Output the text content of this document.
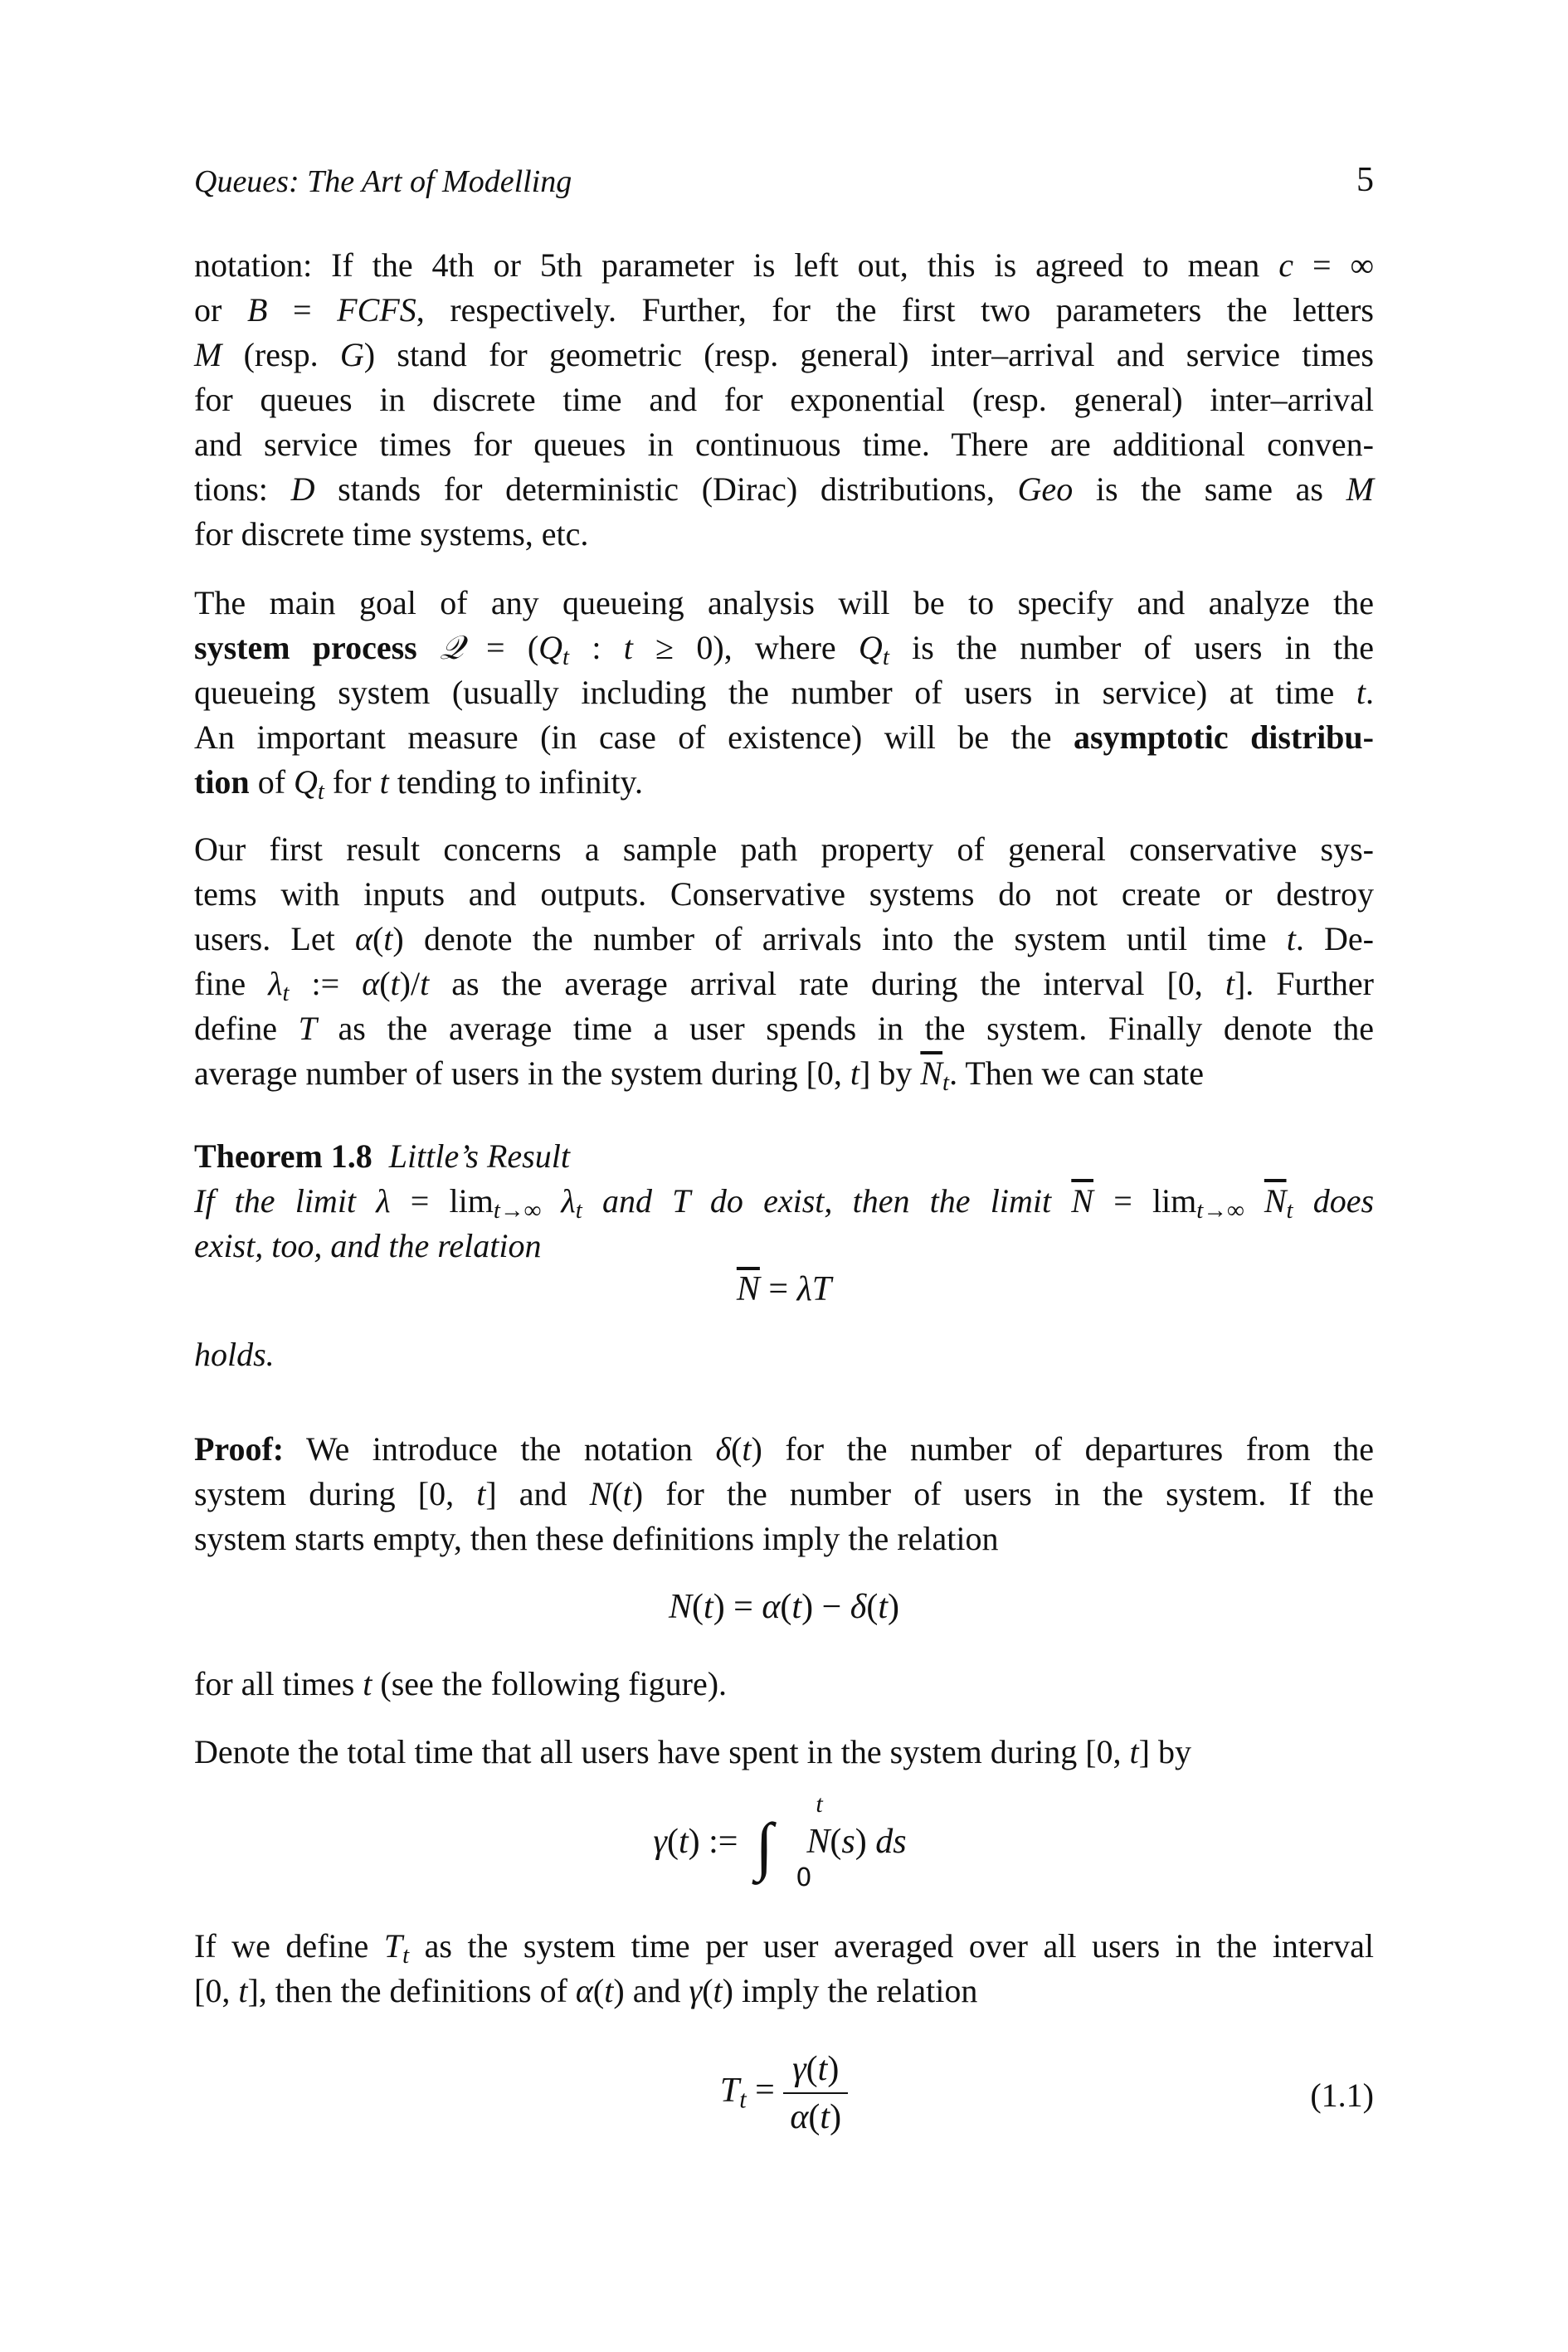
Queues: The Art of Modelling	5

notation: If the 4th or 5th parameter is left out, this is agreed to mean c = ∞
or B = FCFS, respectively. Further, for the first two parameters the letters
M (resp. G) stand for geometric (resp. general) inter–arrival and service times
for queues in discrete time and for exponential (resp. general) inter–arrival
and service times for queues in continuous time. There are additional conven-
tions: D stands for deterministic (Dirac) distributions, Geo is the same as M
for discrete time systems, etc.

The main goal of any queueing analysis will be to specify and analyze the
system process 𝒬 = ($Q_t$ : t ≥ 0), where $Q_t$ is the number of users in the
queueing system (usually including the number of users in service) at time t.
An important measure (in case of existence) will be the asymptotic distribu-
tion of $Q_t$ for t tending to infinity.

Our first result concerns a sample path property of general conservative sys-
tems with inputs and outputs. Conservative systems do not create or destroy
users. Let α(t) denote the number of arrivals into the system until time t. De-
fine $\lambda_t$ := α(t)/t as the average arrival rate during the interval [0, t]. Further
define T as the average time a user spends in the system. Finally denote the
average number of users in the system during [0, t] by $\overline{N}_t$. Then we can state

Theorem 1.8 Little’s Result
If the limit $\lambda = \lim_{t\to\infty} \lambda_t$ and T do exist, then the limit $\overline{N} = \lim_{t\to\infty} \overline{N}_t$ does
exist, too, and the relation

$\overline{N} = \lambda T$

holds.

Proof: We introduce the notation δ(t) for the number of departures from the
system during [0, t] and N(t) for the number of users in the system. If the
system starts empty, then these definitions imply the relation

N(t) = α(t) − δ(t)

for all times t (see the following figure).

Denote the total time that all users have spent in the system during [0, t] by

γ(t) :=  ∫ N(s) ds
t
0

If we define $T_t$ as the system time per user averaged over all users in the interval
[0, t], then the definitions of α(t) and γ(t) imply the relation

$T_t = \frac{\gamma(t)}{\alpha(t)}$	(1.1)
